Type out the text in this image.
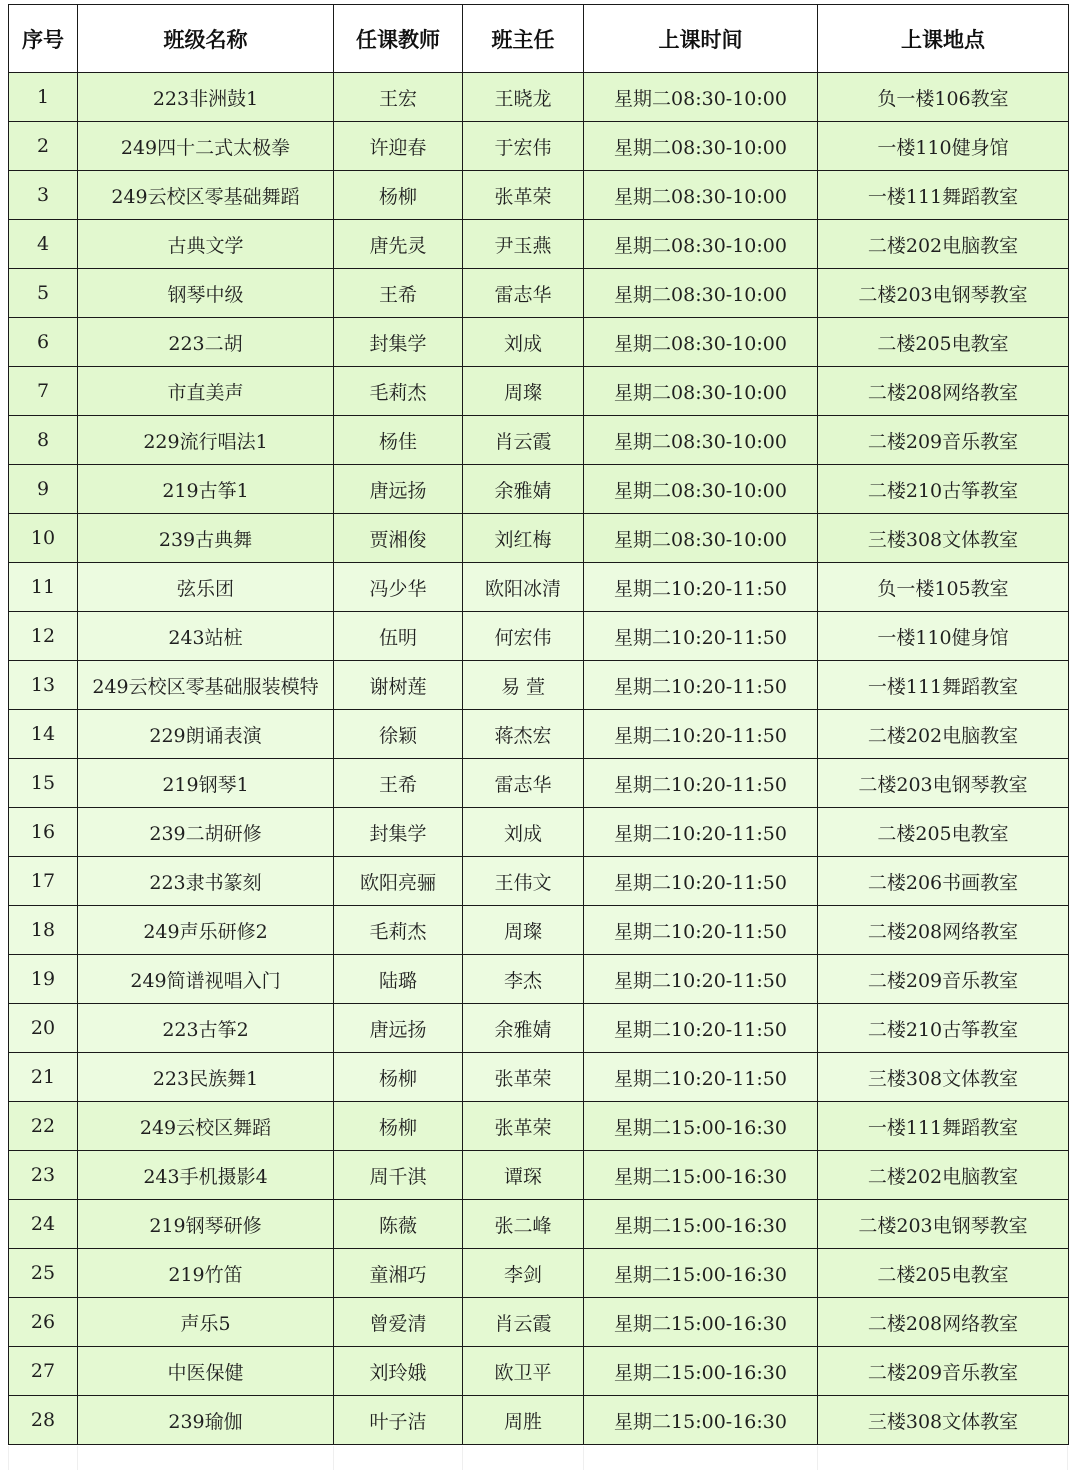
序号	班级名称	任课教师	班主任	上课时间	上课地点
1	223非洲鼓1	王宏	王晓龙	星期二08:30-10:00	负一楼106教室
2	249四十二式太极拳	许迎春	于宏伟	星期二08:30-10:00	一楼110健身馆
3	249云校区零基础舞蹈	杨柳	张革荣	星期二08:30-10:00	一楼111舞蹈教室
4	古典文学	唐先灵	尹玉燕	星期二08:30-10:00	二楼202电脑教室
5	钢琴中级	王希	雷志华	星期二08:30-10:00	二楼203电钢琴教室
6	223二胡	封集学	刘成	星期二08:30-10:00	二楼205电教室
7	市直美声	毛莉杰	周璨	星期二08:30-10:00	二楼208网络教室
8	229流行唱法1	杨佳	肖云霞	星期二08:30-10:00	二楼209音乐教室
9	219古筝1	唐远扬	余雅婧	星期二08:30-10:00	二楼210古筝教室
10	239古典舞	贾湘俊	刘红梅	星期二08:30-10:00	三楼308文体教室
11	弦乐团	冯少华	欧阳冰清	星期二10:20-11:50	负一楼105教室
12	243站桩	伍明	何宏伟	星期二10:20-11:50	一楼110健身馆
13	249云校区零基础服装模特	谢树莲	易 萱	星期二10:20-11:50	一楼111舞蹈教室
14	229朗诵表演	徐颖	蒋杰宏	星期二10:20-11:50	二楼202电脑教室
15	219钢琴1	王希	雷志华	星期二10:20-11:50	二楼203电钢琴教室
16	239二胡研修	封集学	刘成	星期二10:20-11:50	二楼205电教室
17	223隶书篆刻	欧阳亮骊	王伟文	星期二10:20-11:50	二楼206书画教室
18	249声乐研修2	毛莉杰	周璨	星期二10:20-11:50	二楼208网络教室
19	249简谱视唱入门	陆璐	李杰	星期二10:20-11:50	二楼209音乐教室
20	223古筝2	唐远扬	余雅婧	星期二10:20-11:50	二楼210古筝教室
21	223民族舞1	杨柳	张革荣	星期二10:20-11:50	三楼308文体教室
22	249云校区舞蹈	杨柳	张革荣	星期二15:00-16:30	一楼111舞蹈教室
23	243手机摄影4	周千淇	谭琛	星期二15:00-16:30	二楼202电脑教室
24	219钢琴研修	陈薇	张二峰	星期二15:00-16:30	二楼203电钢琴教室
25	219竹笛	童湘巧	李剑	星期二15:00-16:30	二楼205电教室
26	声乐5	曾爱清	肖云霞	星期二15:00-16:30	二楼208网络教室
27	中医保健	刘玲娥	欧卫平	星期二15:00-16:30	二楼209音乐教室
28	239瑜伽	叶子洁	周胜	星期二15:00-16:30	三楼308文体教室
